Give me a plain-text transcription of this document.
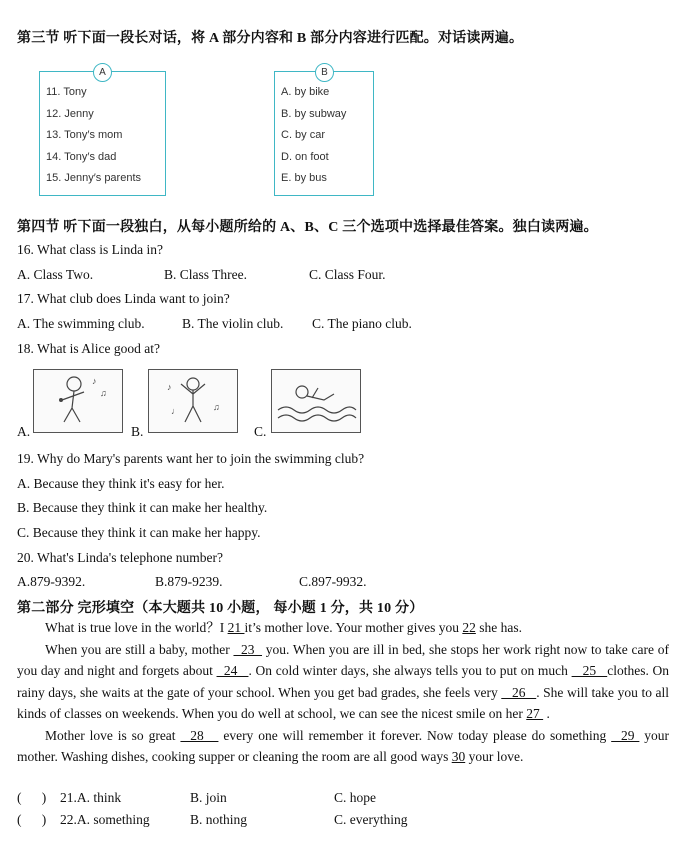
第三节 听下面一段长对话，将 A 部分内容和 B 部分内容进行匹配。对话读两遍。
A
11. Tony
12. Jenny
13. Tony′s mom
14. Tony′s dad
15. Jenny′s parents
B
A. by bike
B. by subway
C. by car
D. on foot
E. by bus
第四节 听下面一段独白，从每小题所给的 A、B、C 三个选项中选择最佳答案。独白读两遍。
16. What class is Linda in?
A. Class Two.	B. Class Three.	C. Class Four.
17. What club does Linda want to join?
A. The swimming club.	B. The violin club. C. The piano club.
18. What is Alice good at?
A.
♪
♫
B.
♪
♫
♩
C.
19. Why do Mary's parents want her to join the swimming club?
A. Because they think it's easy for her.
B. Because they think it can make her healthy.
C. Because they think it can make her happy.
20. What's Linda's telephone number?
A.879-9392.	B.879-9239.	C.897-9932.
第二部分 完形填空（本大题共 10 小题， 每小题 1 分，共 10 分）

What is true love in the world？I 21 it’s mother love. Your mother gives you 22 she has.

When you are still a baby, mother   23   you. When you are ill in bed, she stops her work right now to take care of you day and night and forgets about   24   . On cold winter days, she always tells you to put on much    25   clothes. On rainy days, she waits at the gate of your school. When you get bad grades, she feels very    26   . She will take you to all kinds of classes on weekends. When you do well at school, we can see the nicest smile on her 27  .

Mother love is so great   28    every one will remember it forever. Now today please do something   29  your mother. Washing dishes, cooking supper or cleaning the room are all good ways 30 your love.

(      ) 21.A. think	B. join	C. hope
(      ) 22.A. something	B. nothing	C. everything
